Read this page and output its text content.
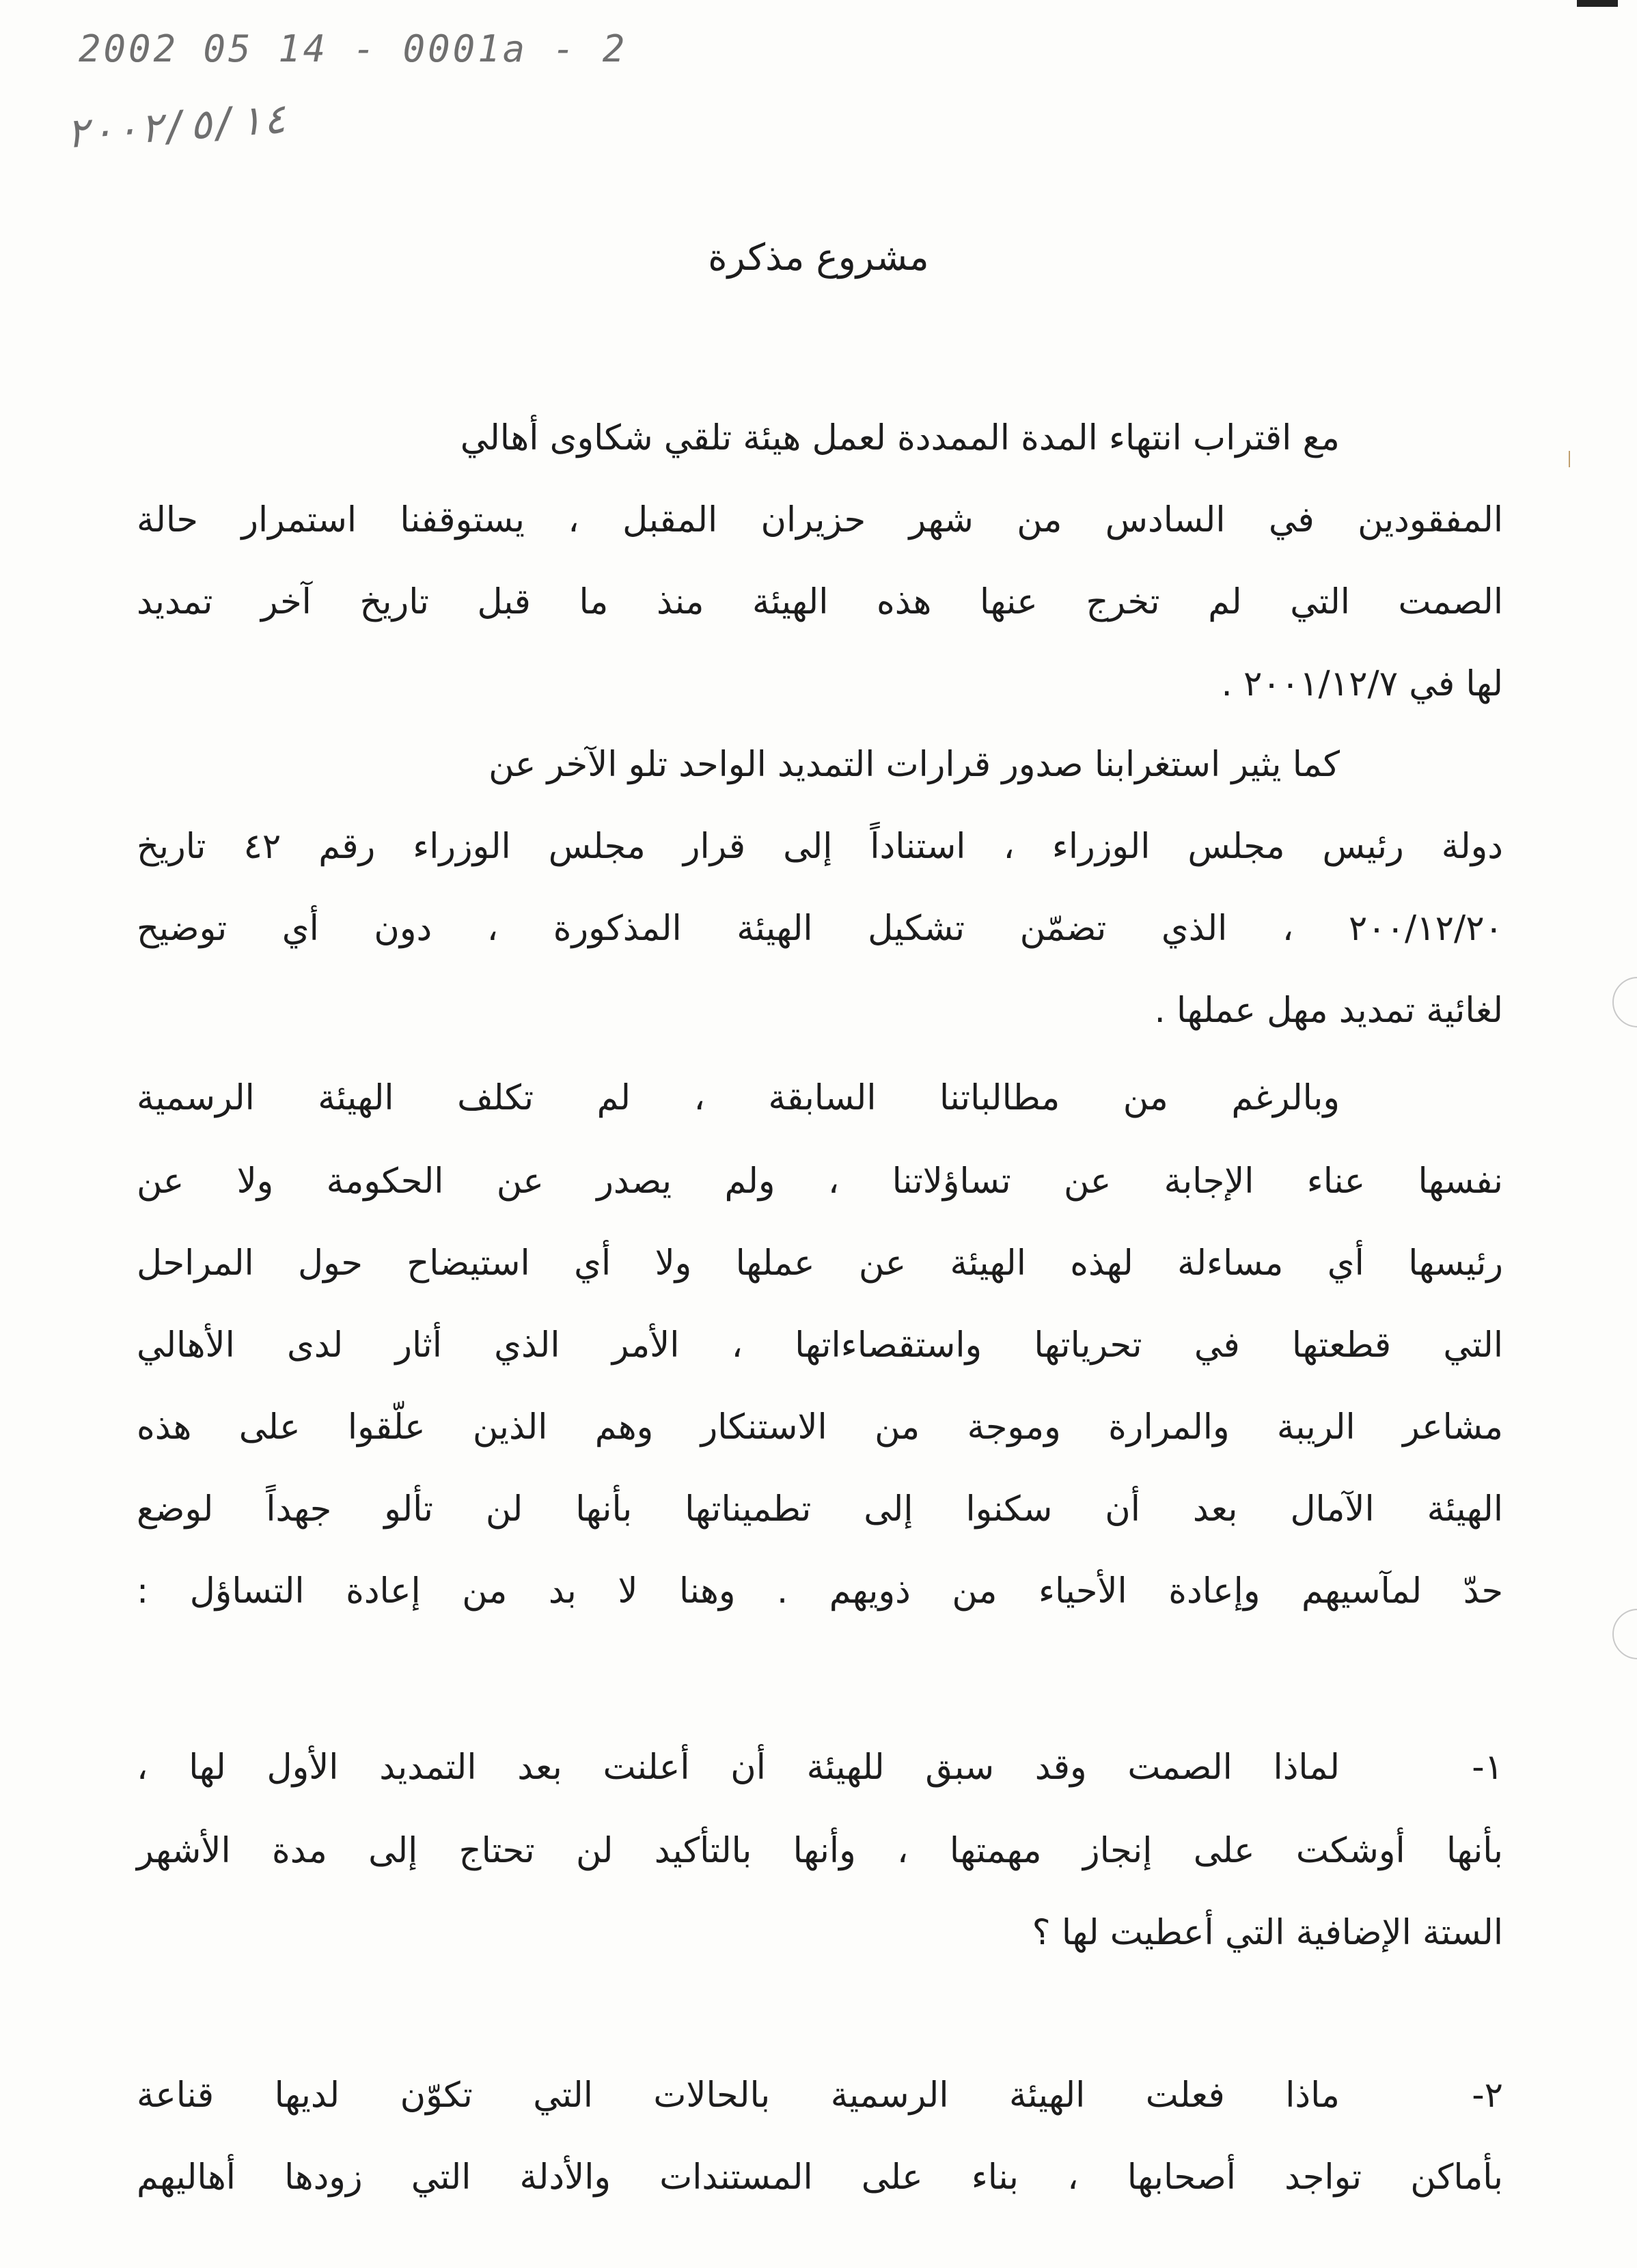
2002 05 14 - 0001a - 2
٢٠٠٢/٥/١٤
مشروع مذكرة
مع اقتراب انتهاء المدة الممددة لعمل هيئة تلقي شكاوى أهالي
المفقودين في السادس من شهر حزيران المقبل ، يستوقفنا استمرار حالة
الصمت التي لم تخرج عنها هذه الهيئة منذ ما قبل تاريخ آخر تمديد
لها في ٢٠٠١/١٢/٧ .
كما يثير استغرابنا صدور قرارات التمديد الواحد تلو الآخر عن
دولة رئيس مجلس الوزراء ، استناداً إلى قرار مجلس الوزراء رقم ٤٢ تاريخ
٢٠٠/١٢/٢٠ ، الذي تضمّن تشكيل الهيئة المذكورة ، دون أي توضيح
لغائية تمديد مهل عملها .
وبالرغم من مطالباتنا السابقة ، لم تكلف الهيئة الرسمية
نفسها عناء الإجابة عن تساؤلاتنا ، ولم يصدر عن الحكومة ولا عن
رئيسها أي مساءلة لهذه الهيئة عن عملها ولا أي استيضاح حول المراحل
التي قطعتها في تحرياتها واستقصاءاتها ، الأمر الذي أثار لدى الأهالي
مشاعر الريبة والمرارة وموجة من الاستنكار وهم الذين علّقوا على هذه
الهيئة الآمال بعد أن سكنوا إلى تطميناتها بأنها لن تألو جهداً لوضع
حدّ لمآسيهم وإعادة الأحياء من ذويهم . وهنا لا بد من إعادة التساؤل :
١-
لماذا الصمت وقد سبق للهيئة أن أعلنت بعد التمديد الأول لها ،
بأنها أوشكت على إنجاز مهمتها ، وأنها بالتأكيد لن تحتاج إلى مدة الأشهر
الستة الإضافية التي أعطيت لها ؟
٢-
ماذا فعلت الهيئة الرسمية بالحالات التي تكوّن لديها قناعة
بأماكن تواجد أصحابها ، بناء على المستندات والأدلة التي زودها أهاليهم
